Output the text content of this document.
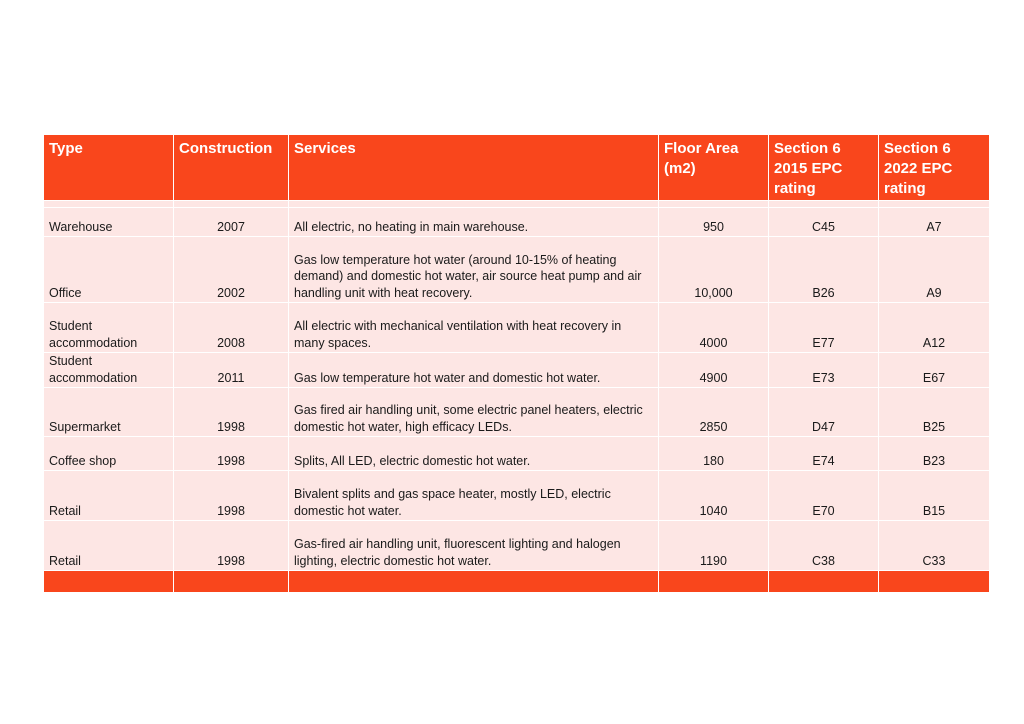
Type	Construction	Services	Floor Area (m2)	Section 6 2015 EPC rating	Section 6 2022 EPC rating

Warehouse	2007	All electric, no heating in main warehouse.	950	C45	A7
Office	2002	Gas low temperature hot water (around 10-15% of heating demand) and domestic hot water, air source heat pump and air handling unit with heat recovery.	10,000	B26	A9
Student accommodation	2008	All electric with mechanical ventilation with heat recovery in many spaces.	4000	E77	A12
Student accommodation	2011	Gas low temperature hot water and domestic hot water.	4900	E73	E67
Supermarket	1998	Gas fired air handling unit, some electric panel heaters, electric domestic hot water, high efficacy LEDs.	2850	D47	B25
Coffee shop	1998	Splits, All LED, electric domestic hot water.	180	E74	B23
Retail	1998	Bivalent splits and gas space heater, mostly LED, electric domestic hot water.	1040	E70	B15
Retail	1998	Gas-fired air handling unit, fluorescent lighting and halogen lighting, electric domestic hot water.	1190	C38	C33
